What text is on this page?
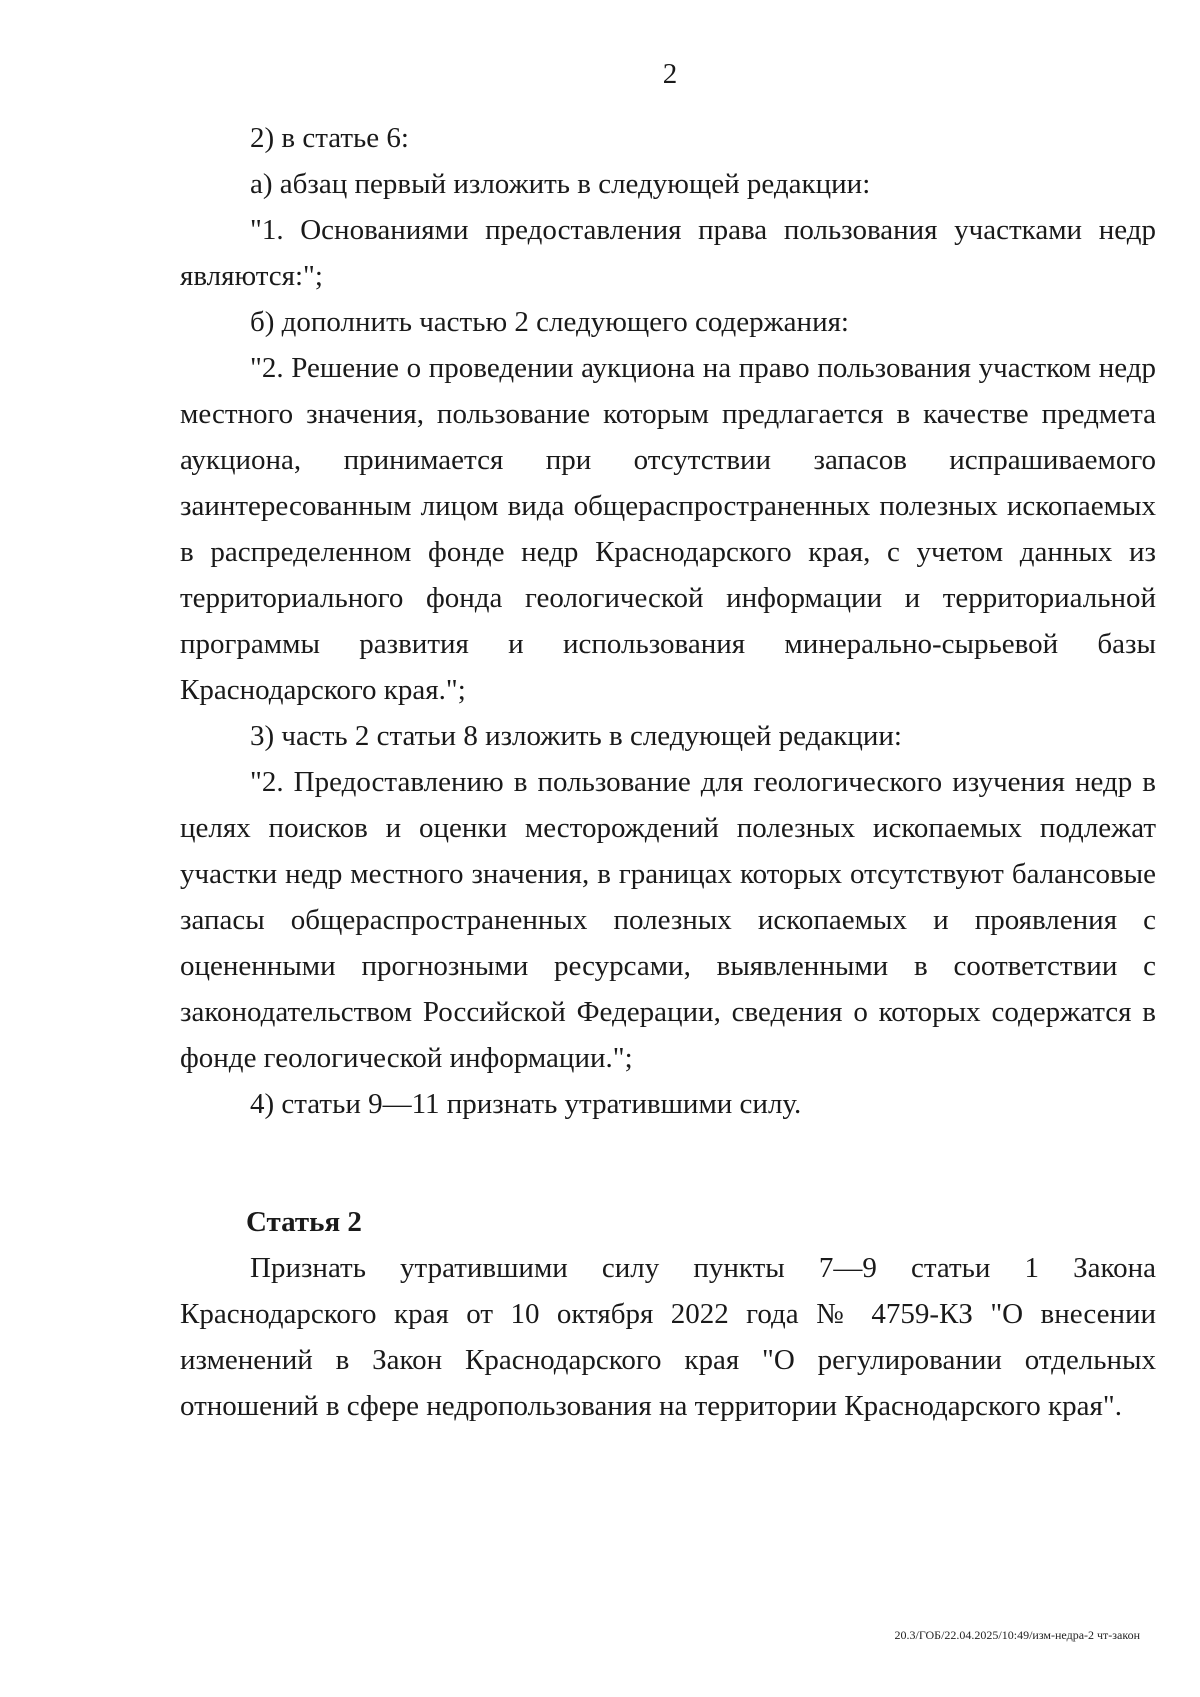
2

2) в статье 6:

а) абзац первый изложить в следующей редакции:

"1. Основаниями предоставления права пользования участками недр являются:";

б) дополнить частью 2 следующего содержания:

"2. Решение о проведении аукциона на право пользования участком недр местного значения, пользование которым предлагается в качестве предмета аукциона, принимается при отсутствии запасов испрашиваемого заинтересованным лицом вида общераспространенных полезных ископаемых в распределенном фонде недр Краснодарского края, с учетом данных из территориального фонда геологической информации и территориальной программы развития и использования минерально-сырьевой базы Краснодарского края.";

3) часть 2 статьи 8 изложить в следующей редакции:

"2. Предоставлению в пользование для геологического изучения недр в целях поисков и оценки месторождений полезных ископаемых подлежат участки недр местного значения, в границах которых отсутствуют балансовые запасы общераспространенных полезных ископаемых и проявления с оцененными прогнозными ресурсами, выявленными в соответствии с законодательством Российской Федерации, сведения о которых содержатся в фонде геологической информации.";

4) статьи 9—11 признать утратившими силу.

Статья 2

Признать утратившими силу пункты 7—9 статьи 1 Закона Краснодарского края от 10 октября 2022 года № 4759-КЗ "О внесении изменений в Закон Краснодарского края "О регулировании отдельных отношений в сфере недропользования на территории Краснодарского края".

20.3/ГОБ/22.04.2025/10:49/изм-недра-2 чт-закон
